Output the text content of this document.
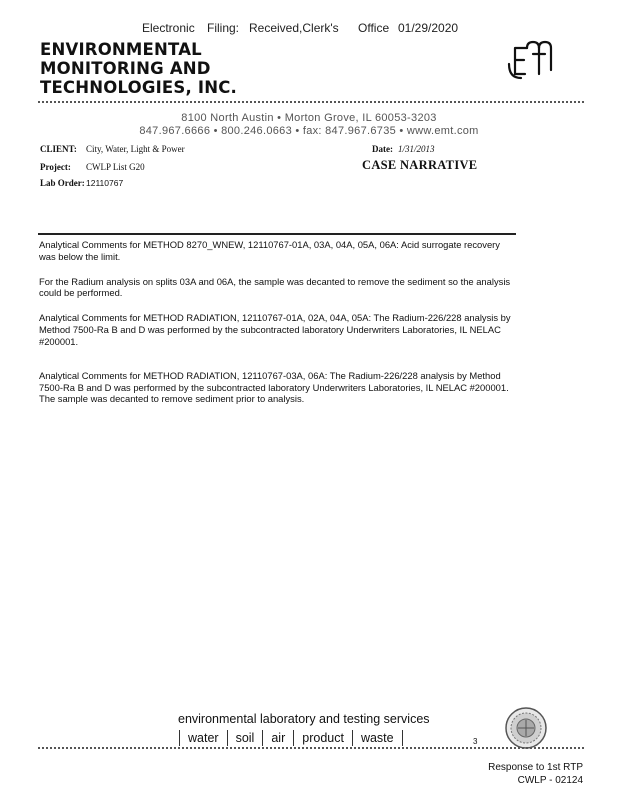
Electronic Filing: Received,Clerk's Office 01/29/2020
ENVIRONMENTAL
MONITORING AND
TECHNOLOGIES, INC.
8100 North Austin • Morton Grove, IL 60053-3203
847.967.6666 • 800.246.0663 • fax: 847.967.6735 • www.emt.com
CLIENT: City, Water, Light & Power	Date: 1/31/2013
Project: CWLP List G20	CASE NARRATIVE
Lab Order: 12110767

Analytical Comments for METHOD 8270_WNEW, 12110767-01A, 03A, 04A, 05A, 06A: Acid surrogate recovery was below the limit.

For the Radium analysis on splits 03A and 06A, the sample was decanted to remove the sediment so the analysis could be performed.

Analytical Comments for METHOD RADIATION, 12110767-01A, 02A, 04A, 05A: The Radium-226/228 analysis by Method 7500-Ra B and D was performed by the subcontracted laboratory Underwriters Laboratories, IL NELAC #200001.

Analytical Comments for METHOD RADIATION, 12110767-03A, 06A: The Radium-226/228 analysis by Method 7500-Ra B and D was performed by the subcontracted laboratory Underwriters Laboratories, IL NELAC #200001. The sample was decanted to remove sediment prior to analysis.

environmental laboratory and testing services
water	soil	air	product	waste	3
Response to 1st RTP
CWLP - 02124
